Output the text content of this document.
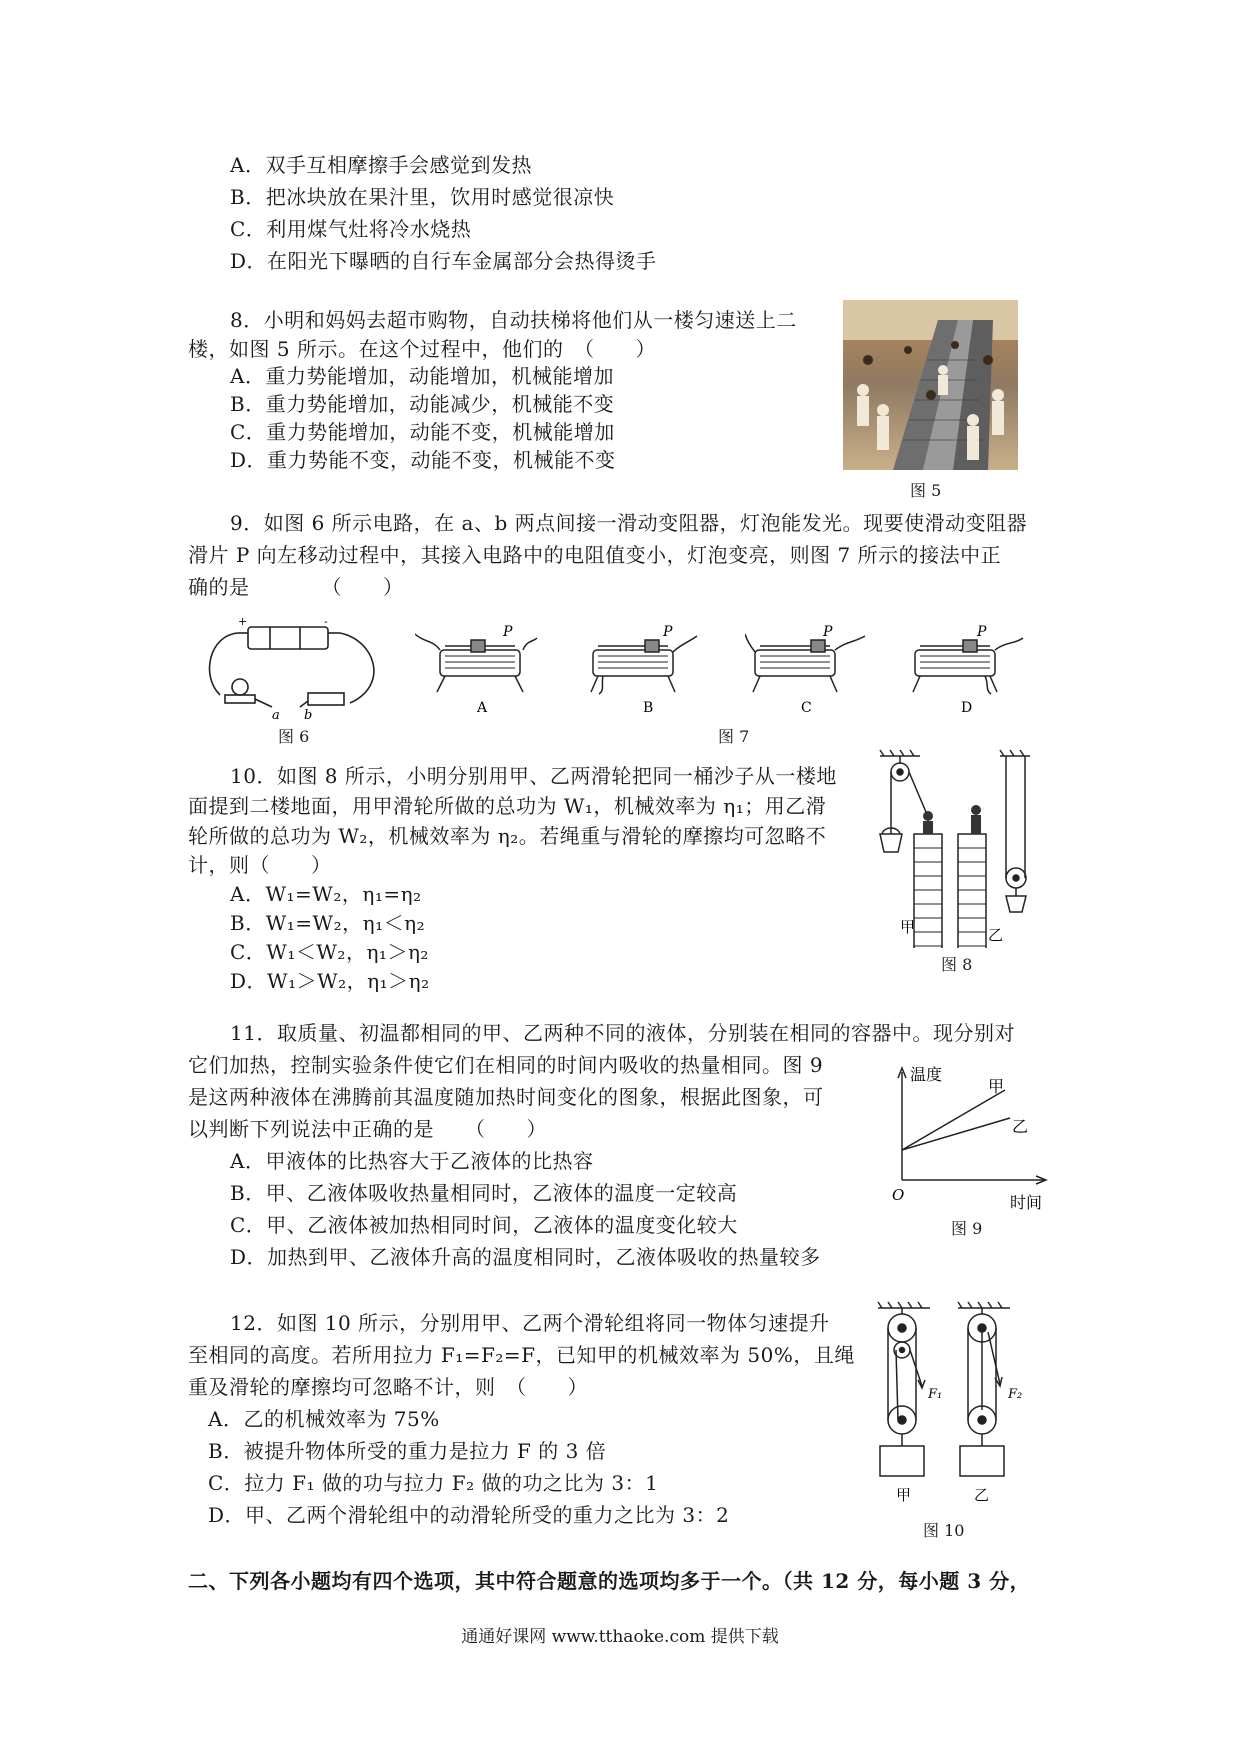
A．双手互相摩擦手会感觉到发热
B．把冰块放在果汁里，饮用时感觉很凉快
C．利用煤气灶将冷水烧热
D．在阳光下曝晒的自行车金属部分会热得烫手
8．小明和妈妈去超市购物，自动扶梯将他们从一楼匀速送上二
楼，如图 5 所示。在这个过程中，他们的　（　　）
A．重力势能增加，动能增加，机械能增加
B．重力势能增加，动能减少，机械能不变
C．重力势能增加，动能不变，机械能增加
D．重力势能不变，动能不变，机械能不变
图 5
9．如图 6 所示电路，在 a、b 两点间接一滑动变阻器，灯泡能发光。现要使滑动变阻器
滑片 P 向左移动过程中，其接入电路中的电阻值变小，灯泡变亮，则图 7 所示的接法中正
确的是　　　　（　　）
+	-
a b
图 6
P
A
P
B
P
C
P
D
图 7
10．如图 8 所示，小明分别用甲、乙两滑轮把同一桶沙子从一楼地
面提到二楼地面，用甲滑轮所做的总功为 W₁，机械效率为 η₁；用乙滑
轮所做的总功为 W₂，机械效率为 η₂。若绳重与滑轮的摩擦均可忽略不
计，则（　　）
A．W₁=W₂，η₁=η₂
B．W₁=W₂，η₁＜η₂
C．W₁＜W₂，η₁＞η₂
D．W₁＞W₂，η₁＞η₂
甲	乙
图 8
11．取质量、初温都相同的甲、乙两种不同的液体，分别装在相同的容器中。现分别对
它们加热，控制实验条件使它们在相同的时间内吸收的热量相同。图 9
是这两种液体在沸腾前其温度随加热时间变化的图象，根据此图象，可
以判断下列说法中正确的是　　（　　）
A．甲液体的比热容大于乙液体的比热容
B．甲、乙液体吸收热量相同时，乙液体的温度一定较高
C．甲、乙液体被加热相同时间，乙液体的温度变化较大
D．加热到甲、乙液体升高的温度相同时，乙液体吸收的热量较多
温度
时间
O
甲
乙
图 9
12．如图 10 所示，分别用甲、乙两个滑轮组将同一物体匀速提升
至相同的高度。若所用拉力 F₁=F₂=F，已知甲的机械效率为 50%，且绳
重及滑轮的摩擦均可忽略不计，则　（　　）
A．乙的机械效率为 75%
B．被提升物体所受的重力是拉力 F 的 3 倍
C．拉力 F₁ 做的功与拉力 F₂ 做的功之比为 3：1
D．甲、乙两个滑轮组中的动滑轮所受的重力之比为 3：2
F₁	F₂
甲	乙
图 10
二、下列各小题均有四个选项，其中符合题意的选项均多于一个。（共 12 分，每小题 3 分，
通通好课网 www.tthaoke.com 提供下载
